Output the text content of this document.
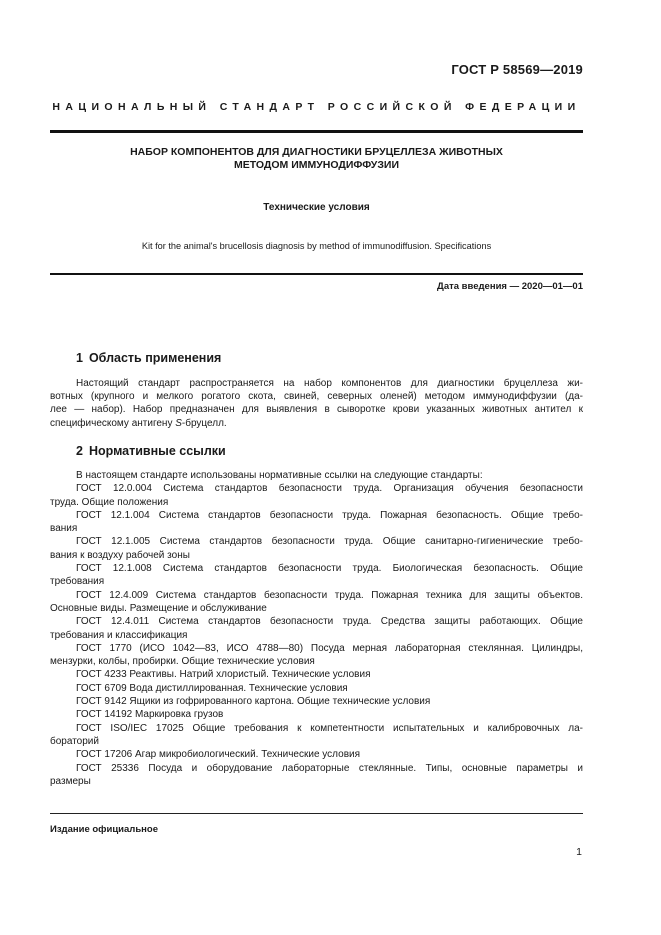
ГОСТ Р 58569—2019
НАЦИОНАЛЬНЫЙ СТАНДАРТ РОССИЙСКОЙ ФЕДЕРАЦИИ
НАБОР КОМПОНЕНТОВ ДЛЯ ДИАГНОСТИКИ БРУЦЕЛЛЕЗА ЖИВОТНЫХ
МЕТОДОМ ИММУНОДИФФУЗИИ
Технические условия
Kit for the animal's brucellosis diagnosis by method of immunodiffusion. Specifications
Дата введения — 2020—01—01
1 Область применения
Настоящий стандарт распространяется на набор компонентов для диагностики бруцеллеза жи-
вотных (крупного и мелкого рогатого скота, свиней, северных оленей) методом иммунодиффузии (да-
лее — набор). Набор предназначен для выявления в сыворотке крови указанных животных антител к
специфическому антигену S-бруцелл.
2 Нормативные ссылки
В настоящем стандарте использованы нормативные ссылки на следующие стандарты:
ГОСТ 12.0.004 Система стандартов безопасности труда. Организация обучения безопасности
труда. Общие положения
ГОСТ 12.1.004 Система стандартов безопасности труда. Пожарная безопасность. Общие требо-
вания
ГОСТ 12.1.005 Система стандартов безопасности труда. Общие санитарно-гигиенические требо-
вания к воздуху рабочей зоны
ГОСТ 12.1.008 Система стандартов безопасности труда. Биологическая безопасность. Общие
требования
ГОСТ 12.4.009 Система стандартов безопасности труда. Пожарная техника для защиты объектов.
Основные виды. Размещение и обслуживание
ГОСТ 12.4.011 Система стандартов безопасности труда. Средства защиты работающих. Общие
требования и классификация
ГОСТ 1770 (ИСО 1042—83, ИСО 4788—80) Посуда мерная лабораторная стеклянная. Цилиндры,
мензурки, колбы, пробирки. Общие технические условия
ГОСТ 4233 Реактивы. Натрий хлористый. Технические условия
ГОСТ 6709 Вода дистиллированная. Технические условия
ГОСТ 9142 Ящики из гофрированного картона. Общие технические условия
ГОСТ 14192 Маркировка грузов
ГОСТ ISO/IEC 17025 Общие требования к компетентности испытательных и калибровочных ла-
бораторий
ГОСТ 17206 Агар микробиологический. Технические условия
ГОСТ 25336 Посуда и оборудование лабораторные стеклянные. Типы, основные параметры и
размеры
Издание официальное
1
